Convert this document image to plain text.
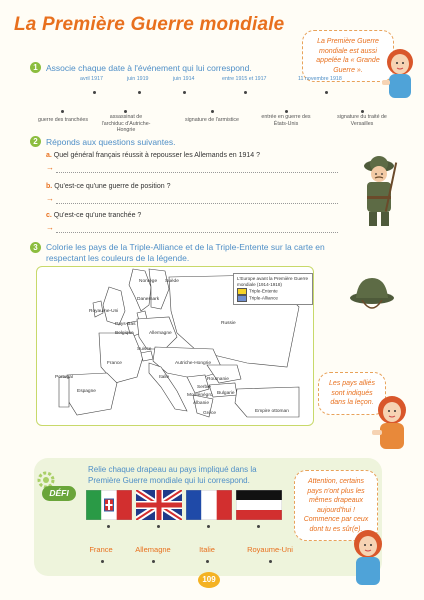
La Première Guerre mondiale
La Première Guerre mondiale est aussi appelée la « Grande Guerre ».
1 Associe chaque date à l'événement qui lui correspond.
avril 1917	juin 1919	juin 1914	entre 1915 et 1917	11 novembre 1918
guerre des tranchées	assassinat de l'archiduc d'Autriche-Hongrie
signature de l'armistice	entrée en guerre des États-Unis
signature du traité de Versailles
2 Réponds aux questions suivantes.
a. Quel général français réussit à repousser les Allemands en 1914 ?
→
b. Qu'est-ce qu'une guerre de position ?
→
c. Qu'est-ce qu'une tranchée ?
→
3 Colorie les pays de la Triple-Alliance et de la Triple-Entente sur la carte en respectant les couleurs de la légende.
L'Europe avant la Première Guerre mondiale (1914-1918)
Triple-Entente
Triple-Alliance
Norvège Suède
Royaume-Uni
Danemark
Pays-Bas
Belgique	Allemagne
Russie
France
Suisse
Autriche-Hongrie
Italie
Portugal
Espagne
Roumanie
Serbie
Monténégro
Albanie
Grèce
Bulgarie
Empire ottoman
Les pays alliés sont indiqués dans la leçon.
DÉFI
Relie chaque drapeau au pays impliqué dans la Première Guerre mondiale qui lui correspond.
France	Allemagne	Italie	Royaume-Uni
Attention, certains pays n'ont plus les mêmes drapeaux aujourd'hui ! Commence par ceux dont tu es sûr(e).
109
